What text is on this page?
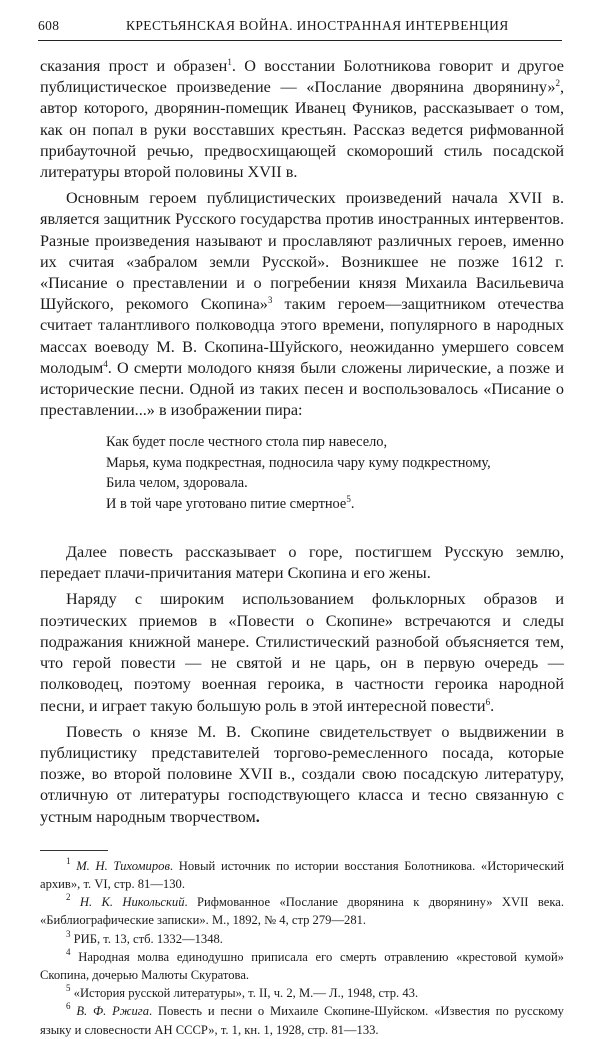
608	КРЕСТЬЯНСКАЯ ВОЙНА. ИНОСТРАННАЯ ИНТЕРВЕНЦИЯ

сказания прост и образен$^1$. О восстании Болотникова говорит и другое публицистическое произведение — «Послание дворянина дворянину»$^2$, автор которого, дворянин-помещик Иванец Фуников, рассказывает о том, как он попал в руки восставших крестьян. Рассказ ведется рифмованной прибауточной речью, предвосхищающей скомороший стиль посадской литературы второй половины XVII в.

Основным героем публицистических произведений начала XVII в. является защитник Русского государства против иностранных интервентов. Разные произведения называют и прославляют различных героев, именно их считая «забралом земли Русской». Возникшее не позже 1612 г. «Писание о преставлении и о погребении князя Михаила Васильевича Шуйского, рекомого Скопина»$^3$ таким героем—защитником отечества считает талантливого полководца этого времени, популярного в народных массах воеводу М. В. Скопина-Шуйского, неожиданно умершего совсем молодым$^4$. О смерти молодого князя были сложены лирические, а позже и исторические песни. Одной из таких песен и воспользовалось «Писание о преставлении...» в изображении пира:

Как будет после честного стола пир навесело,
Марья, кума подкрестная, подносила чару куму подкрестному,
Била челом, здоровала.
И в той чаре уготовано питие смертное$^5$.

Далее повесть рассказывает о горе, постигшем Русскую землю, передает плачи-причитания матери Скопина и его жены.

Наряду с широким использованием фольклорных образов и поэтических приемов в «Повести о Скопине» встречаются и следы подражания книжной манере. Стилистический разнобой объясняется тем, что герой повести — не святой и не царь, он в первую очередь — полководец, поэтому военная героика, в частности героика народной песни, и играет такую большую роль в этой интересной повести$^6$.

Повесть о князе М. В. Скопине свидетельствует о выдвижении в публицистику представителей торгово-ремесленного посада, которые позже, во второй половине XVII в., создали свою посадскую литературу, отличную от литературы господствующего класса и тесно связанную с устным народным творчеством.

$^1$ М. Н. Тихомиров. Новый источник по истории восстания Болотникова. «Исторический архив», т. VI, стр. 81—130.
$^2$ Н. К. Никольский. Рифмованное «Послание дворянина к дворянину» XVII века. «Библиографические записки». М., 1892, № 4, стр 279—281.
$^3$ РИБ, т. 13, стб. 1332—1348.
$^4$ Народная молва единодушно приписала его смерть отравлению «крестовой кумой» Скопина, дочерью Малюты Скуратова.
$^5$ «История русской литературы», т. II, ч. 2, М.— Л., 1948, стр. 43.
$^6$ В. Ф. Ржига. Повесть и песни о Михаиле Скопине-Шуйском. «Известия по русскому языку и словесности АН СССР», т. 1, кн. 1, 1928, стр. 81—133.
